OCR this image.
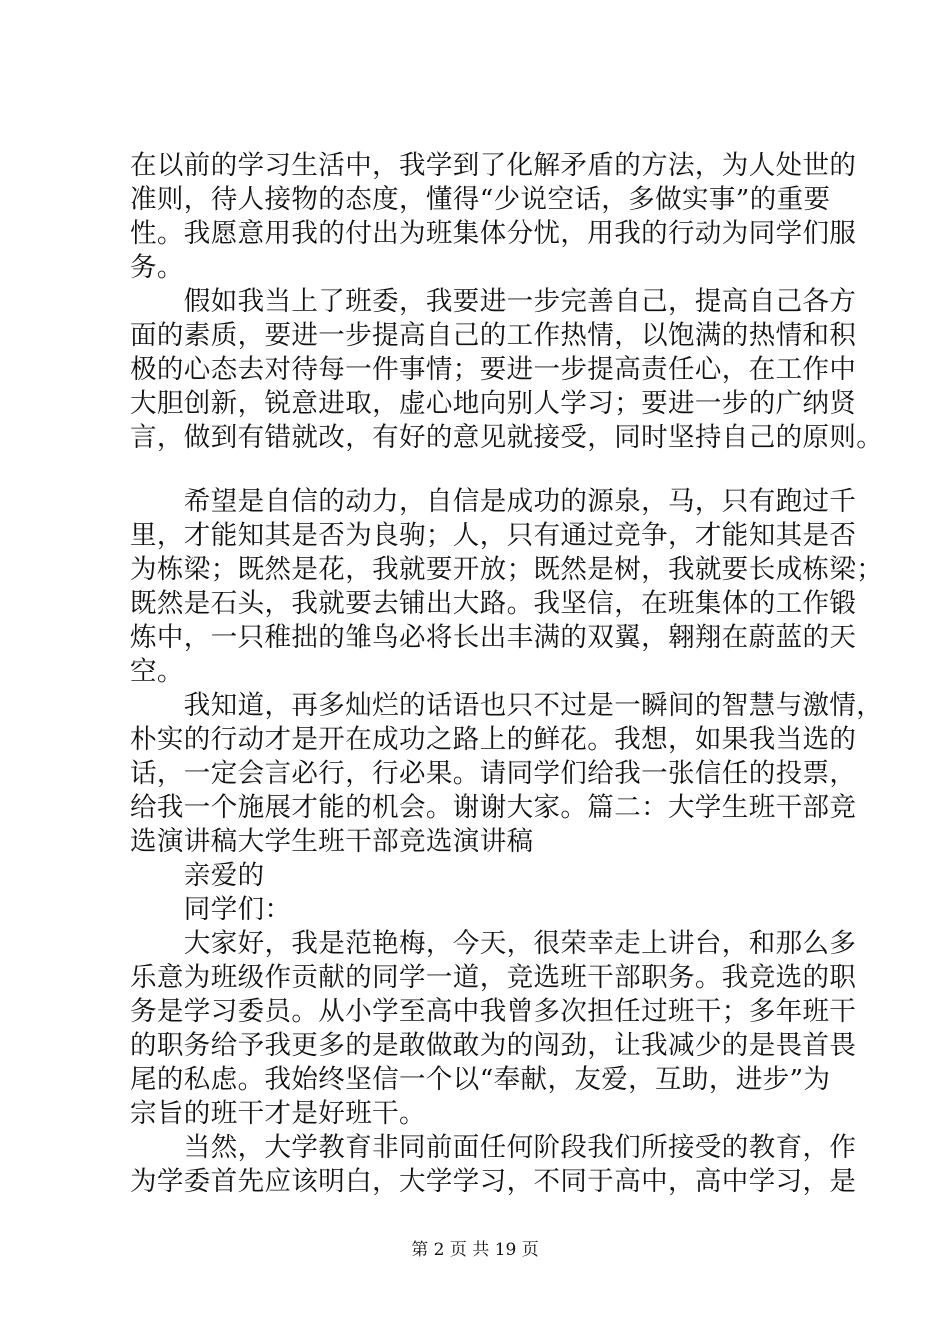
在以前的学习生活中，我学到了化解矛盾的方法，为人处世的
准则，待人接物的态度，懂得“少说空话，多做实事”的重要
性。我愿意用我的付出为班集体分忧，用我的行动为同学们服
务。
　　假如我当上了班委，我要进一步完善自己，提高自己各方
面的素质，要进一步提高自己的工作热情，以饱满的热情和积
极的心态去对待每一件事情；要进一步提高责任心，在工作中
大胆创新，锐意进取，虚心地向别人学习；要进一步的广纳贤
言，做到有错就改，有好的意见就接受，同时坚持自己的原则。
　　希望是自信的动力，自信是成功的源泉，马，只有跑过千
里，才能知其是否为良驹；人，只有通过竞争，才能知其是否
为栋梁；既然是花，我就要开放；既然是树，我就要长成栋梁；
既然是石头，我就要去铺出大路。我坚信，在班集体的工作锻
炼中，一只稚拙的雏鸟必将长出丰满的双翼，翱翔在蔚蓝的天
空。
　　我知道，再多灿烂的话语也只不过是一瞬间的智慧与激情，
朴实的行动才是开在成功之路上的鲜花。我想，如果我当选的
话，一定会言必行，行必果。请同学们给我一张信任的投票，
给我一个施展才能的机会。谢谢大家。篇二：大学生班干部竞
选演讲稿大学生班干部竞选演讲稿
　　亲爱的
　　同学们：
　　大家好，我是范艳梅，今天，很荣幸走上讲台，和那么多
乐意为班级作贡献的同学一道，竞选班干部职务。我竞选的职
务是学习委员。从小学至高中我曾多次担任过班干；多年班干
的职务给予我更多的是敢做敢为的闯劲，让我减少的是畏首畏
尾的私虑。我始终坚信一个以“奉献，友爱，互助，进步”为
宗旨的班干才是好班干。
　　当然，大学教育非同前面任何阶段我们所接受的教育，作
为学委首先应该明白，大学学习，不同于高中，高中学习，是
第 2 页 共 19 页
